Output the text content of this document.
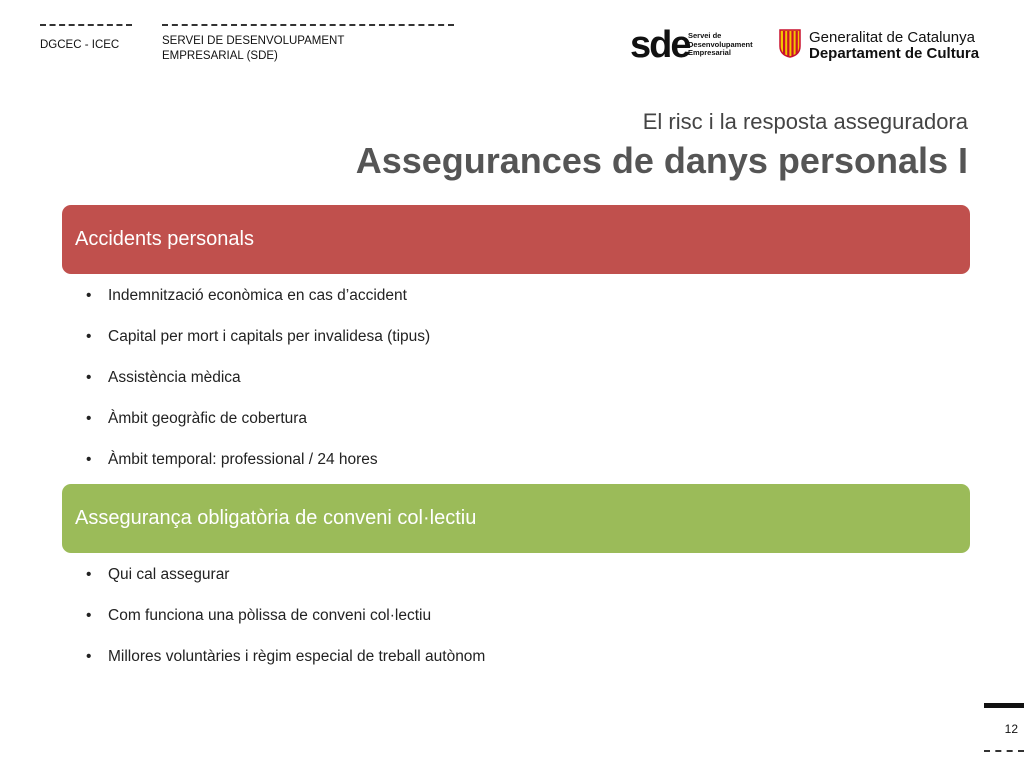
DGCEC - ICEC	SERVEI DE DESENVOLUPAMENT
EMPRESARIAL (SDE)	sde
Servei de
Desenvolupament
Empresarial
Generalitat de Catalunya
Departament de Cultura
El risc i la resposta asseguradora
Assegurances de danys personals I
Accidents personals
• Indemnització econòmica en cas d’accident
• Capital per mort i capitals per invalidesa (tipus)
• Assistència mèdica
• Àmbit geogràfic de cobertura
• Àmbit temporal: professional / 24 hores
Assegurança obligatòria de conveni col·lectiu
• Qui cal assegurar
• Com funciona una pòlissa de conveni col·lectiu
• Millores voluntàries i règim especial de treball autònom
12
